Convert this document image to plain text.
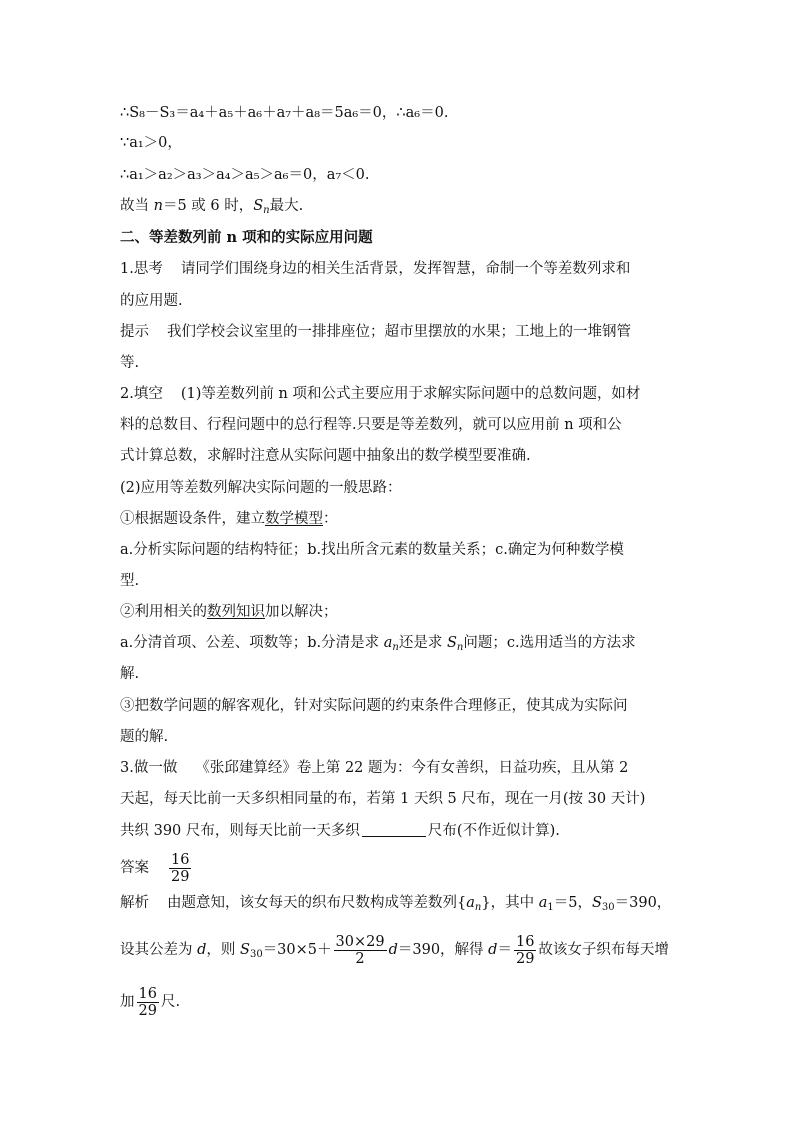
∴S₈－S₃＝a₄＋a₅＋a₆＋a₇＋a₈＝5a₆＝0，∴a₆＝0.
∵a₁＞0，
∴a₁＞a₂＞a₃＞a₄＞a₅＞a₆＝0，a₇＜0.
故当 n＝5 或 6 时，$S_n$最大.
二、等差数列前 n 项和的实际应用问题
1.思考 请同学们围绕身边的相关生活背景，发挥智慧，命制一个等差数列求和
的应用题.
提示 我们学校会议室里的一排排座位；超市里摆放的水果；工地上的一堆钢管
等.
2.填空 (1)等差数列前 n 项和公式主要应用于求解实际问题中的总数问题，如材
料的总数目、行程问题中的总行程等.只要是等差数列，就可以应用前 n 项和公
式计算总数，求解时注意从实际问题中抽象出的数学模型要准确.
(2)应用等差数列解决实际问题的一般思路：
①根据题设条件，建立数学模型：
a.分析实际问题的结构特征；b.找出所含元素的数量关系；c.确定为何种数学模
型.
②利用相关的数列知识加以解决；
a.分清首项、公差、项数等；b.分清是求 $a_n$还是求 $S_n$问题；c.选用适当的方法求
解.
③把数学问题的解客观化，针对实际问题的约束条件合理修正，使其成为实际问
题的解.
3.做一做 《张邱建算经》卷上第 22 题为：今有女善织，日益功疾，且从第 2
天起，每天比前一天多织相同量的布，若第 1 天织 5 尺布，现在一月(按 30 天计)
共织 390 尺布，则每天比前一天多织	尺布(不作近似计算).
答案 $\frac{16}{29}$
解析 由题意知，该女每天的织布尺数构成等差数列$\{a_n\}$，其中 $a_1=5$，$S_{30}=390$，
设其公差为 d，则 $S_{30}=30\times 5+ \frac{30\times 29}{2} d=390$，解得 $d= \frac{16}{29}$ 故该女子织布每天增
加 $\frac{16}{29}$ 尺.
